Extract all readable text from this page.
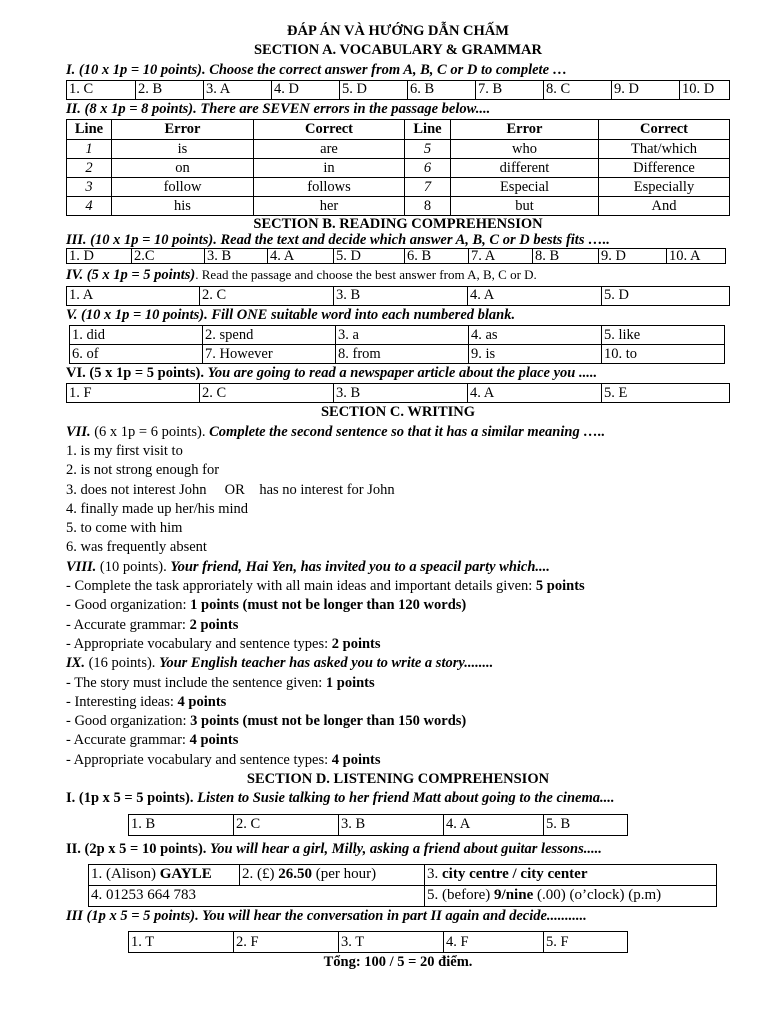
ĐÁP ÁN VÀ HƯỚNG DẪN CHẤM
SECTION A. VOCABULARY & GRAMMAR
I. (10 x 1p = 10 points). Choose the correct answer from A, B, C or D to complete …
1. C	2. B	3. A	4. D	5. D	6. B	7. B	8. C	9. D	10. D
II. (8 x 1p = 8 points). There are SEVEN errors in the passage below....
Line	Error	Correct	Line	Error	Correct
1	is	are	5	who	That/which
2	on	in	6	different	Difference
3	follow	follows	7	Especial	Especially
4	his	her	8	but	And
SECTION B. READING COMPREHENSION
III. (10 x 1p = 10 points). Read the text and decide which answer A, B, C or D bests fits …..
1. D	2.C	3. B	4. A	5. D	6. B	7. A	8. B	9. D	10. A
IV. (5 x 1p = 5 points). Read the passage and choose the best answer from A, B, C or D.
1. A	2. C	3. B	4. A	5. D
V. (10 x 1p = 10 points). Fill ONE suitable word into each numbered blank.
1. did	2. spend	3. a	4. as	5. like
6. of	7. However	8. from	9. is	10. to
VI. (5 x 1p = 5 points). You are going to read a newspaper article about the place you .....
1. F	2. C	3. B	4. A	5. E
SECTION C. WRITING
VII. (6 x 1p = 6 points). Complete the second sentence so that it has a similar meaning …..
1. is my first visit to
2. is not strong enough for
3. does not interest John     OR    has no interest for John
4. finally made up her/his mind
5. to come with him
6. was frequently absent
VIII. (10 points). Your friend, Hai Yen, has invited you to a speacil party which....
- Complete the task approriately with all main ideas and important details given: 5 points
- Good organization: 1 points (must not be longer than 120 words)
- Accurate grammar: 2 points
- Appropriate vocabulary and sentence types: 2 points
IX. (16 points). Your English teacher has asked you to write a story........
- The story must include the sentence given: 1 points
- Interesting ideas: 4 points
- Good organization: 3 points (must not be longer than 150 words)
- Accurate grammar: 4 points
- Appropriate vocabulary and sentence types: 4 points
SECTION D. LISTENING COMPREHENSION
I. (1p x 5 = 5 points). Listen to Susie talking to her friend Matt about going to the cinema....
1. B	2. C	3. B	4. A	5. B
II. (2p x 5 = 10 points). You will hear a girl, Milly, asking a friend about guitar lessons.....
1. (Alison) GAYLE	2. (£) 26.50 (per hour)	3. city centre / city center
4. 01253 664 783		5. (before) 9/nine (.00) (o’clock) (p.m)
III (1p x 5 = 5 points). You will hear the conversation in part II again and decide...........
1. T	2. F	3. T	4. F	5. F
Tổng: 100 / 5 = 20 điểm.
